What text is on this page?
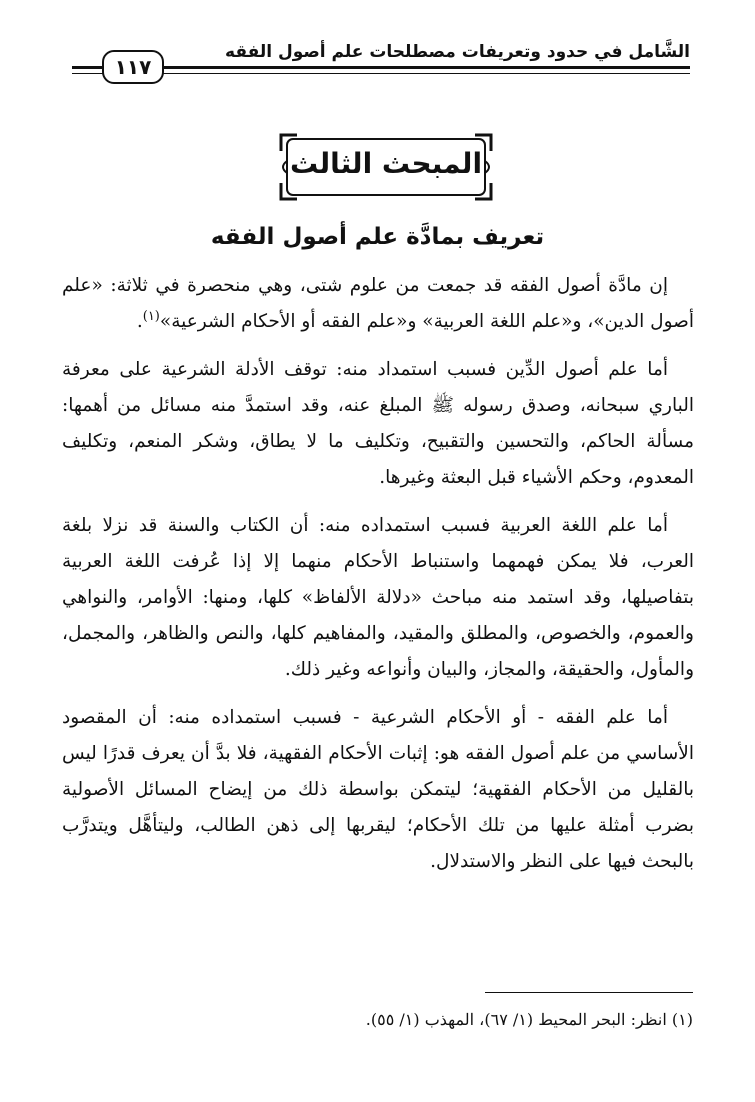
الشَّامل في حدود وتعريفات مصطلحات علم أصول الفقه
١١٧
المبحث الثالث
تعريف بمادَّة علم أصول الفقه

إن مادَّة أصول الفقه قد جمعت من علوم شتى، وهي منحصرة في ثلاثة: «علم أصول الدين»، و«علم اللغة العربية» و«علم الفقه أو الأحكام الشرعية»$^{(١)}$.

أما علم أصول الدِّين فسبب استمداد منه: توقف الأدلة الشرعية على معرفة الباري سبحانه، وصدق رسوله ﷺ المبلغ عنه، وقد استمدَّ منه مسائل من أهمها: مسألة الحاكم، والتحسين والتقبيح، وتكليف ما لا يطاق، وشكر المنعم، وتكليف المعدوم، وحكم الأشياء قبل البعثة وغيرها.

أما علم اللغة العربية فسبب استمداده منه: أن الكتاب والسنة قد نزلا بلغة العرب، فلا يمكن فهمهما واستنباط الأحكام منهما إلا إذا عُرفت اللغة العربية بتفاصيلها، وقد استمد منه مباحث «دلالة الألفاظ» كلها، ومنها: الأوامر، والنواهي والعموم، والخصوص، والمطلق والمقيد، والمفاهيم كلها، والنص والظاهر، والمجمل، والمأول، والحقيقة، والمجاز، والبيان وأنواعه وغير ذلك.

أما علم الفقه - أو الأحكام الشرعية - فسبب استمداده منه: أن المقصود الأساسي من علم أصول الفقه هو: إثبات الأحكام الفقهية، فلا بدَّ أن يعرف قدرًا ليس بالقليل من الأحكام الفقهية؛ ليتمكن بواسطة ذلك من إيضاح المسائل الأصولية بضرب أمثلة عليها من تلك الأحكام؛ ليقربها إلى ذهن الطالب، وليتأهَّل ويتدرَّب بالبحث فيها على النظر والاستدلال.

(١) انظر: البحر المحيط (١/ ٦٧)، المهذب (١/ ٥٥).
